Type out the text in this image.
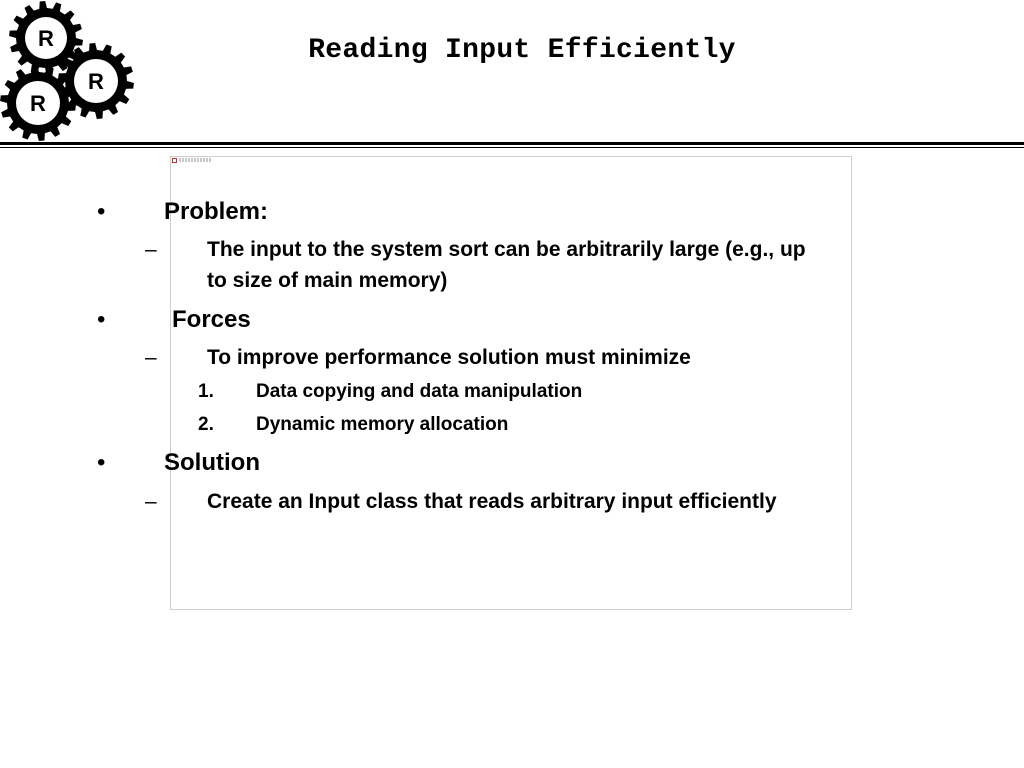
R
R
R
Reading Input Efficiently
• Problem:
– The input to the system sort can be arbitrarily large (e.g., up
to size of main memory)
•	Forces
– To improve performance solution must minimize
1. Data copying and data manipulation
2. Dynamic memory allocation
• Solution
– Create an Input class that reads arbitrary input efficiently
